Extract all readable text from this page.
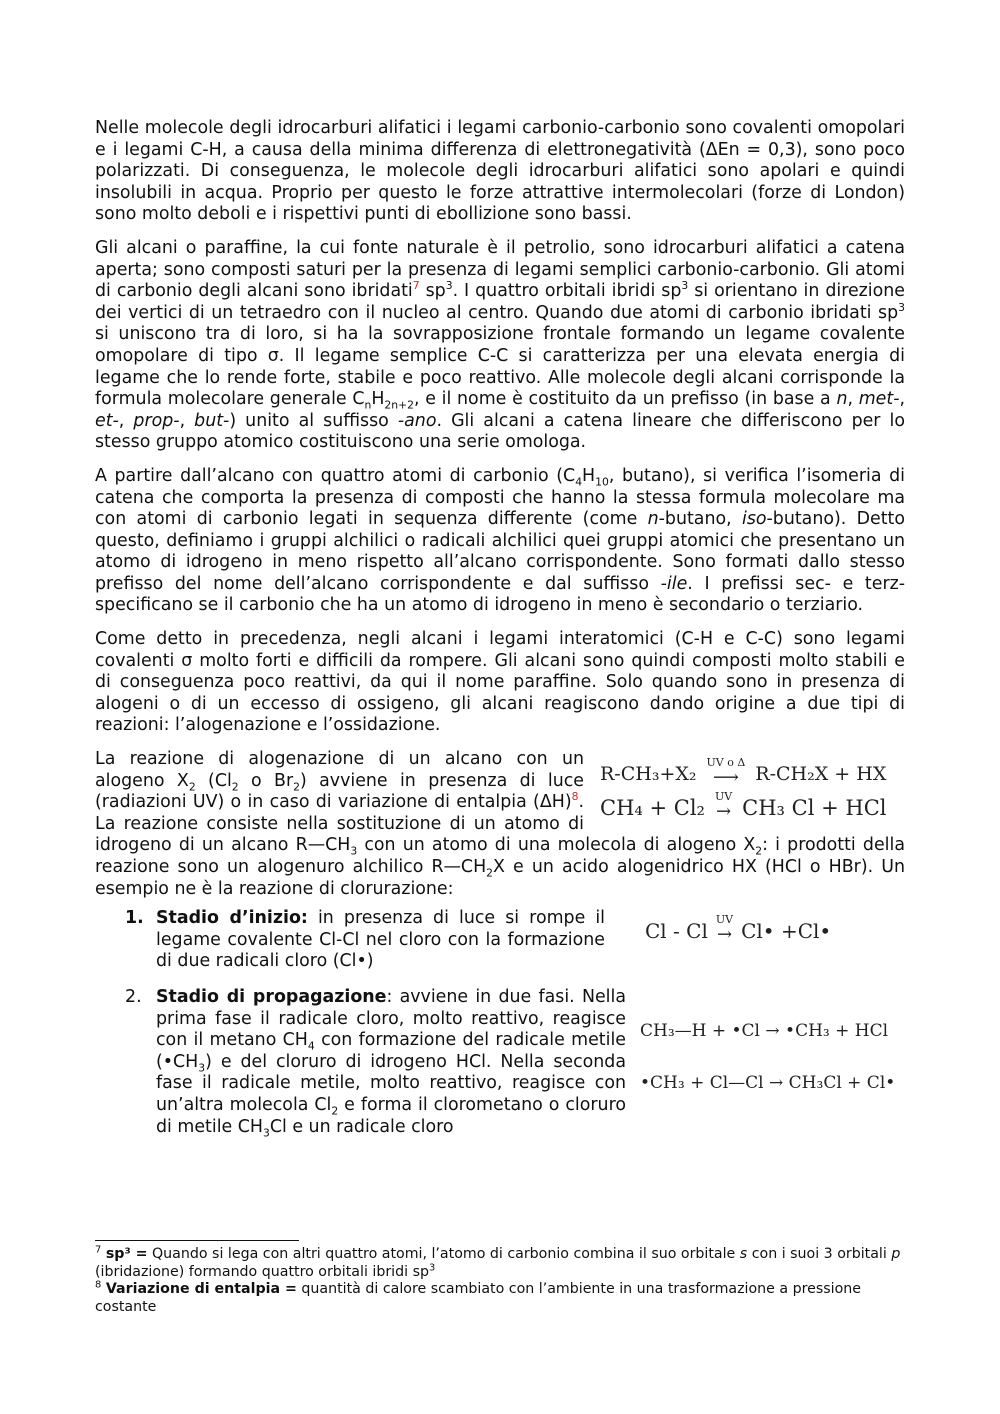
Nelle molecole degli idrocarburi alifatici i legami carbonio-carbonio sono covalenti omopolari e i legami C-H, a causa della minima differenza di elettronegatività (ΔEn = 0,3), sono poco polarizzati. Di conseguenza, le molecole degli idrocarburi alifatici sono apolari e quindi insolubili in acqua. Proprio per questo le forze attrattive intermolecolari (forze di London) sono molto deboli e i rispettivi punti di ebollizione sono bassi.

Gli alcani o paraffine, la cui fonte naturale è il petrolio, sono idrocarburi alifatici a catena aperta; sono composti saturi per la presenza di legami semplici carbonio-carbonio. Gli atomi di carbonio degli alcani sono ibridati$^7$ $sp^3$. I quattro orbitali ibridi $sp^3$ si orientano in direzione dei vertici di un tetraedro con il nucleo al centro. Quando due atomi di carbonio ibridati $sp^3$ si uniscono tra di loro, si ha la sovrapposizione frontale formando un legame covalente omopolare di tipo σ. Il legame semplice C-C si caratterizza per una elevata energia di legame che lo rende forte, stabile e poco reattivo. Alle molecole degli alcani corrisponde la formula molecolare generale $C_nH_{2n+2}$, e il nome è costituito da un prefisso (in base a n, met-, et-, prop-, but-) unito al suffisso -ano. Gli alcani a catena lineare che differiscono per lo stesso gruppo atomico costituiscono una serie omologa.

A partire dall’alcano con quattro atomi di carbonio ($C_4H_{10}$, butano), si verifica l’isomeria di catena che comporta la presenza di composti che hanno la stessa formula molecolare ma con atomi di carbonio legati in sequenza differente (come n-butano, iso-butano). Detto questo, definiamo i gruppi alchilici o radicali alchilici quei gruppi atomici che presentano un atomo di idrogeno in meno rispetto all’alcano corrispondente. Sono formati dallo stesso prefisso del nome dell’alcano corrispondente e dal suffisso -ile. I prefissi sec- e terz- specificano se il carbonio che ha un atomo di idrogeno in meno è secondario o terziario.

Come detto in precedenza, negli alcani i legami interatomici (C-H e C-C) sono legami covalenti σ molto forti e difficili da rompere. Gli alcani sono quindi composti molto stabili e di conseguenza poco reattivi, da qui il nome paraffine. Solo quando sono in presenza di alogeni o di un eccesso di ossigeno, gli alcani reagiscono dando origine a due tipi di reazioni: l’alogenazione e l’ossidazione.

R-CH₃+X₂
UV o Δ
⟶ R-CH₂X + HX
CH₄ + Cl₂ UV
→ CH₃ Cl + HCl
La reazione di alogenazione di un alcano con un alogeno $X_2$ ($Cl_2$ o $Br_2$) avviene in presenza di luce (radiazioni UV) o in caso di variazione di entalpia (ΔH)$^8$. La reazione consiste nella sostituzione di un atomo di idrogeno di un alcano $R—CH_3$ con un atomo di una molecola di alogeno $X_2$: i prodotti della reazione sono un alogenuro alchilico $R—CH_2X$ e un acido alogenidrico HX (HCl o HBr). Un esempio ne è la reazione di clorurazione:
1.
Cl - Cl UV
→ Cl• +Cl•
Stadio d’inizio: in presenza di luce si rompe il legame covalente Cl-Cl nel cloro con la formazione di due radicali cloro (Cl•)
2.
CH₃—H + •Cl → •CH₃ + HCl
•CH₃ + Cl—Cl → CH₃Cl + Cl•
Stadio di propagazione: avviene in due fasi. Nella prima fase il radicale cloro, molto reattivo, reagisce con il metano $CH_4$ con formazione del radicale metile $(•CH_3)$ e del cloruro di idrogeno HCl. Nella seconda fase il radicale metile, molto reattivo, reagisce con un’altra molecola $Cl_2$ e forma il clorometano o cloruro di metile $CH_3Cl$ e un radicale cloro

$^7$ sp³ = Quando si lega con altri quattro atomi, l’atomo di carbonio combina il suo orbitale s con i suoi 3 orbitali p (ibridazione) formando quattro orbitali ibridi $sp^3$

$^8$ Variazione di entalpia = quantità di calore scambiato con l’ambiente in una trasformazione a pressione costante
